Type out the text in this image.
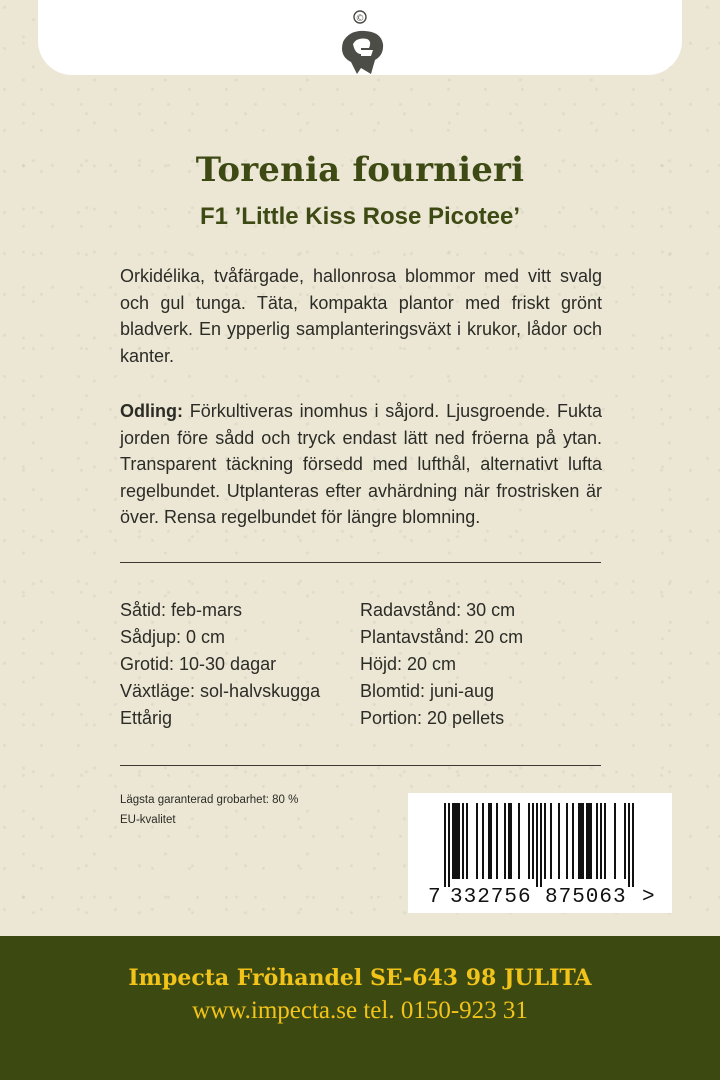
©
Torenia fournieri
F1 ’Little Kiss Rose Picotee’
Orkidélika, tvåfärgade, hallonrosa blommor med vitt svalg och gul tunga. Täta, kompakta plantor med friskt grönt bladverk. En ypperlig samplanteringsväxt i krukor, lådor och kanter.
Odling: Förkultiveras inomhus i såjord. Ljusgroende. Fukta jorden före sådd och tryck endast lätt ned fröerna på ytan. Transparent täckning försedd med lufthål, alternativt lufta regelbundet. Utplanteras efter avhärdning när frostrisken är över. Rensa regelbundet för längre blomning.
Såtid: feb-mars
Sådjup: 0 cm
Grotid: 10-30 dagar
Växtläge: sol-halvskugga
Ettårig
Radavstånd: 30 cm
Plantavstånd: 20 cm
Höjd: 20 cm
Blomtid: juni-aug
Portion: 20 pellets
Lägsta garanterad grobarhet: 80 %
EU-kvalitet
7 332756 875063 >
Impecta Fröhandel SE-643 98 JULITA
www.impecta.se tel. 0150-923 31
